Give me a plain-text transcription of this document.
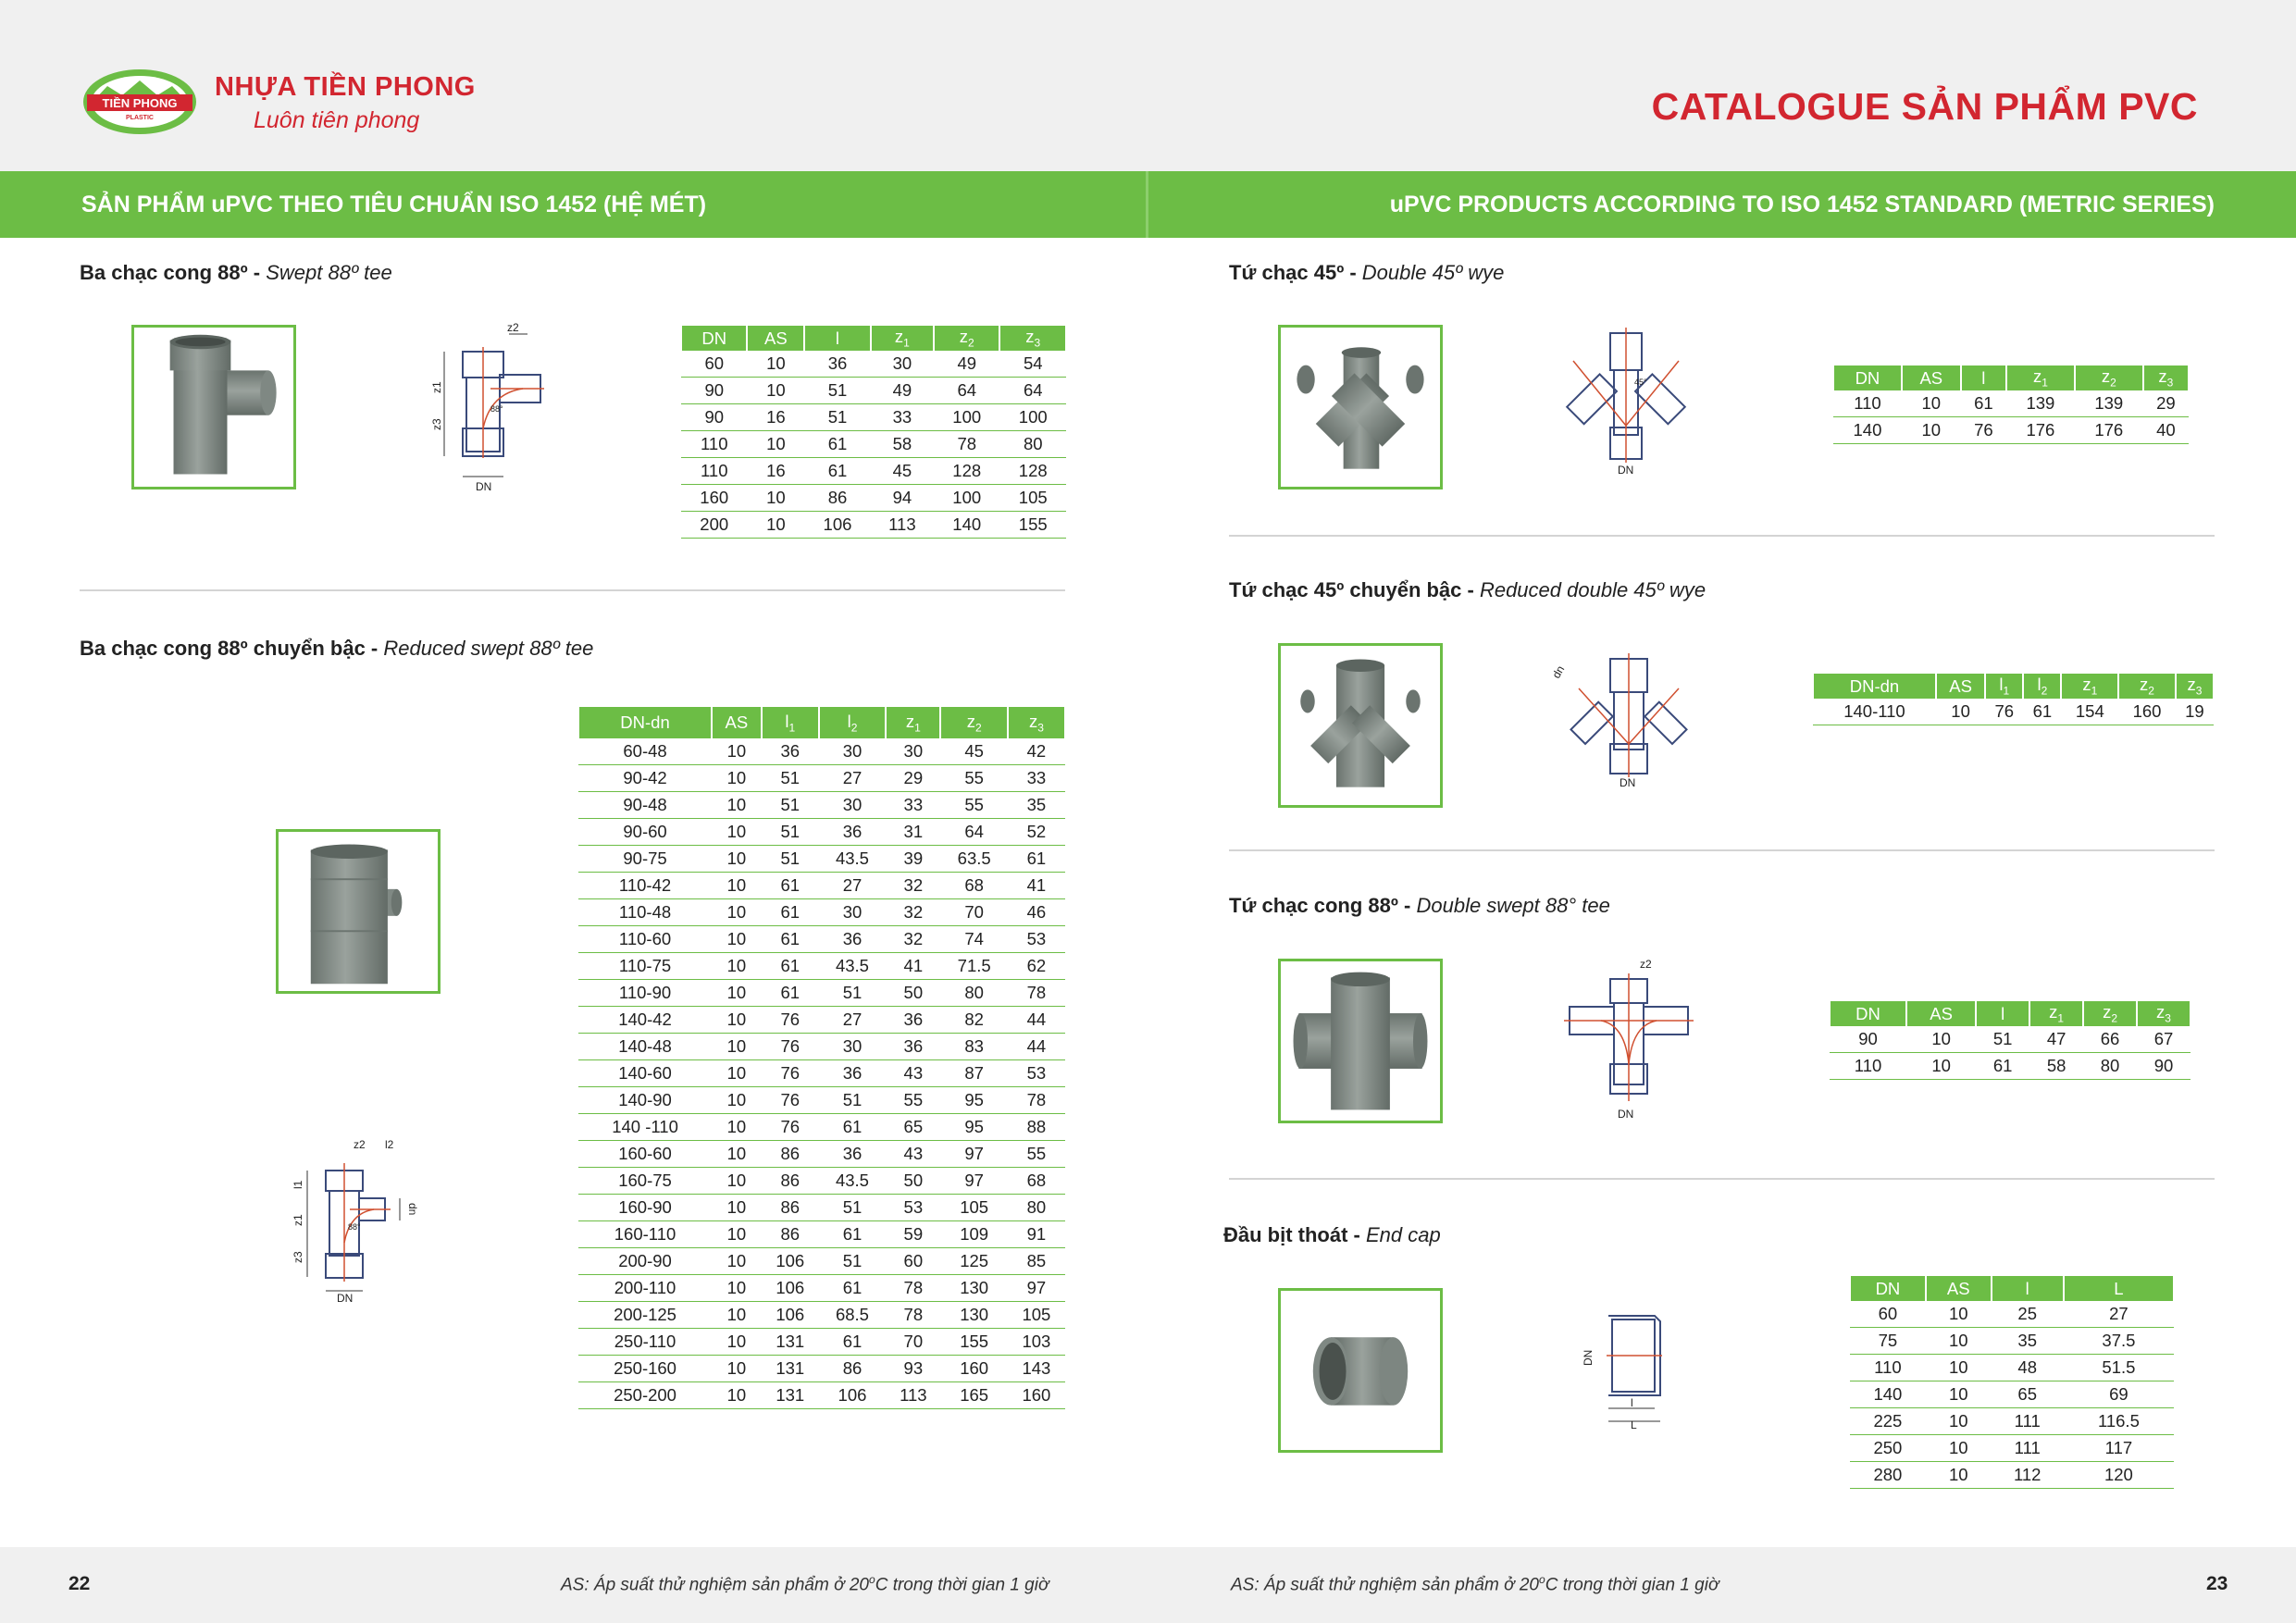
TIỀN PHONG
PLASTIC
NHỰA TIỀN PHONG
Luôn tiên phong	CATALOGUE SẢN PHẨM PVC
SẢN PHẨM uPVC THEO TIÊU CHUẨN ISO 1452 (HỆ MÉT)	uPVC PRODUCTS ACCORDING TO ISO 1452 STANDARD (METRIC SERIES)
Ba chạc cong 88º - Swept 88º tee
z2
DN
z1
z3
88°
DN	AS	l	$z_1$	$z_2$	$z_3$
60	10	36	30	49	54
90	10	51	49	64	64
90	16	51	33	100	100
110	10	61	58	78	80
110	16	61	45	128	128
160	10	86	94	100	105
200	10	106	113	140	155
Ba chạc cong 88º chuyển bậc - Reduced swept 88º tee
z2 l2
DN
l1
z1
z3
dn
88°
DN-dn	AS	$l_1$	$l_2$	$z_1$	$z_2$	$z_3$
60-48	10	36	30	30	45	42
90-42	10	51	27	29	55	33
90-48	10	51	30	33	55	35
90-60	10	51	36	31	64	52
90-75	10	51	43.5	39	63.5	61
110-42	10	61	27	32	68	41
110-48	10	61	30	32	70	46
110-60	10	61	36	32	74	53
110-75	10	61	43.5	41	71.5	62
110-90	10	61	51	50	80	78
140-42	10	76	27	36	82	44
140-48	10	76	30	36	83	44
140-60	10	76	36	43	87	53
140-90	10	76	51	55	95	78
140 -110	10	76	61	65	95	88
160-60	10	86	36	43	97	55
160-75	10	86	43.5	50	97	68
160-90	10	86	51	53	105	80
160-110	10	86	61	59	109	91
200-90	10	106	51	60	125	85
200-110	10	106	61	78	130	97
200-125	10	106	68.5	78	130	105
250-110	10	131	61	70	155	103
250-160	10	131	86	93	160	143
250-200	10	131	106	113	165	160
Tứ chạc 45º - Double 45º wye
DN
45°	DN	AS	l	$z_1$	$z_2$	$z_3$
110	10	61	139	139	29
140	10	76	176	176	40
Tứ chạc 45º chuyển bậc - Reduced double 45º wye
DN
dn
DN-dn	AS	$l_1$	$l_2$	$z_1$	$z_2$	$z_3$
140-110	10	76	61	154	160	19
Tứ chạc cong 88º - Double swept 88° tee
z2
DN
DN	AS	l	$z_1$	$z_2$	$z_3$
90	10	51	47	66	67
110	10	61	58	80	90
Đầu bịt thoát - End cap
DN
l
L
DN	AS	l	L
60	10	25	27
75	10	35	37.5
110	10	48	51.5
140	10	65	69
225	10	111	116.5
250	10	111	117
280	10	112	120
22	AS: Áp suất thử nghiệm sản phẩm ở 20$^o$C trong thời gian 1 giờ	AS: Áp suất thử nghiệm sản phẩm ở 20$^o$C trong thời gian 1 giờ	23
